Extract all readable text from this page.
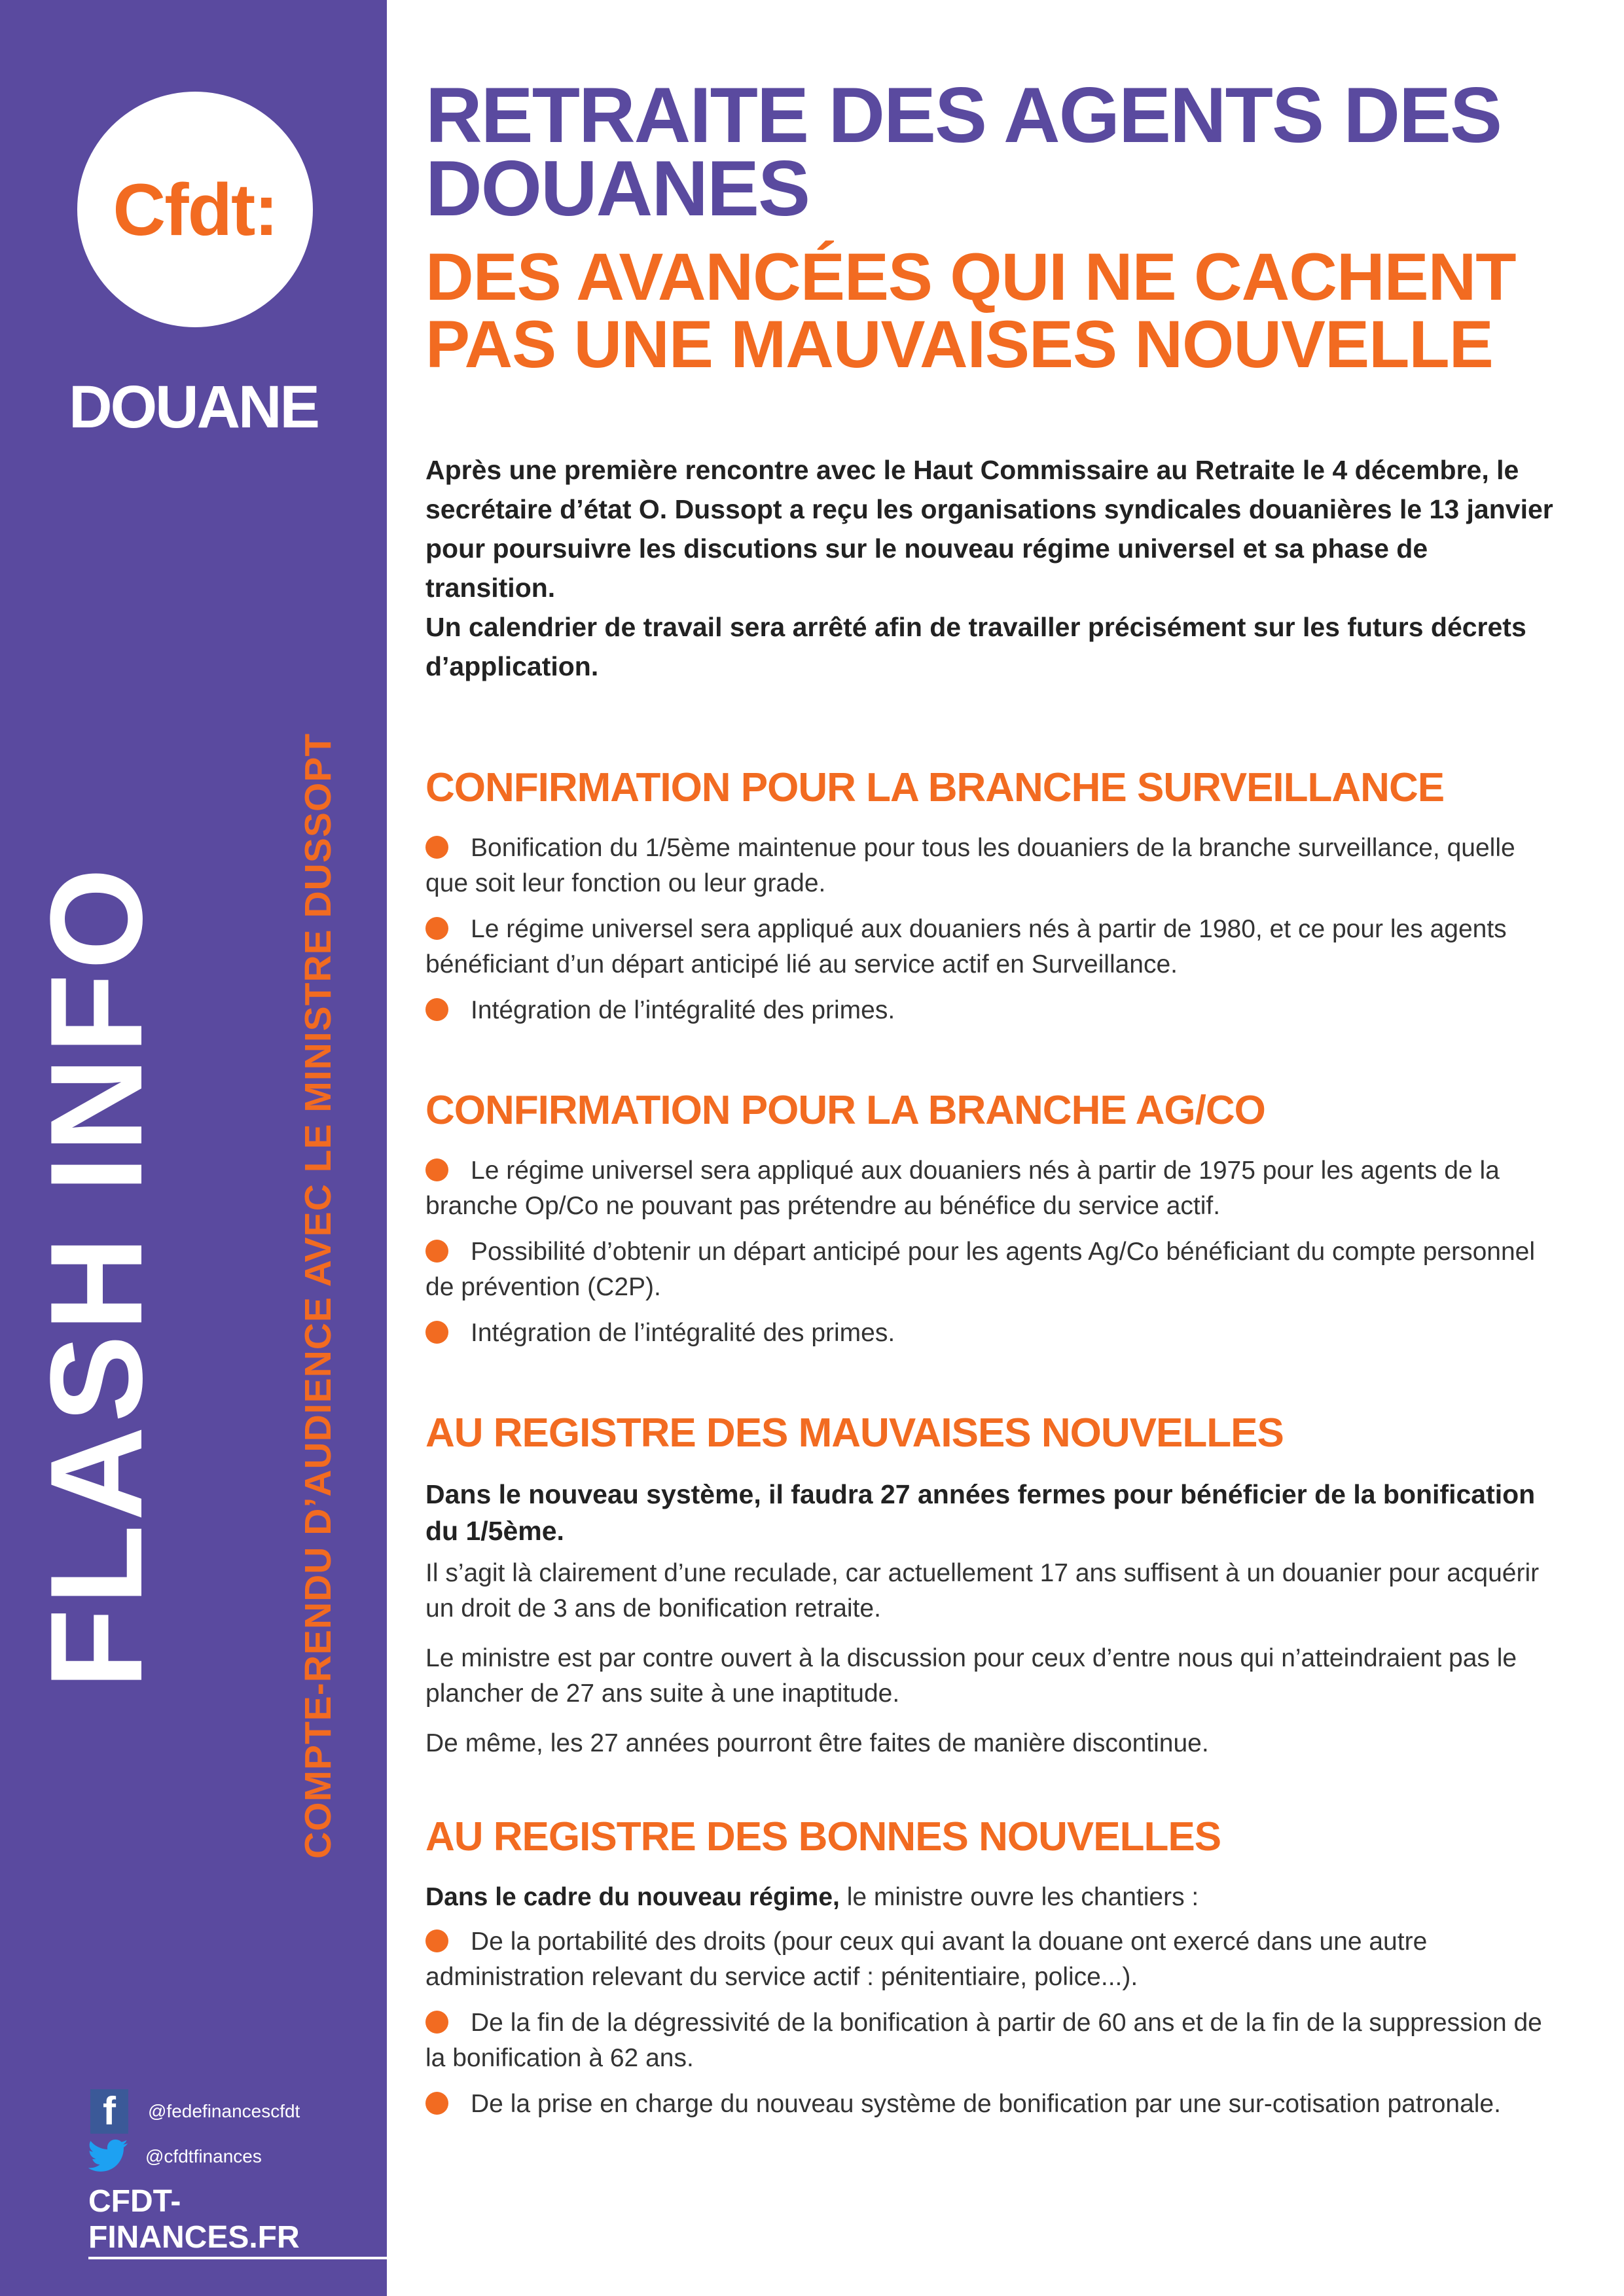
Cfdt:
DOUANE
FLASH INFO	COMPTE-RENDU D’AUDIENCE AVEC LE MINISTRE DUSSOPT
f	@fedefinancescfdt
@cfdtfinances
CFDT-FINANCES.FR
RETRAITE DES AGENTS DES DOUANES
DES AVANCÉES QUI NE CACHENT PAS UNE MAUVAISES NOUVELLE

Après une première rencontre avec le Haut Commissaire au Retraite le 4 décembre, le secrétaire d’état O. Dussopt a reçu les organisations syndicales douanières le 13 janvier pour poursuivre les discutions sur le nouveau régime universel et sa phase de transition.

Un calendrier de travail sera arrêté afin de travailler précisément sur les futurs décrets d’application.

CONFIRMATION POUR LA BRANCHE SURVEILLANCE
Bonification du 1/5ème maintenue pour tous les douaniers de la branche surveillance, quelle que soit leur fonction ou leur grade.
Le régime universel sera appliqué aux douaniers nés à partir de 1980, et ce pour les agents bénéficiant d’un départ anticipé lié au service actif en Surveillance.
Intégration de l’intégralité des primes.
CONFIRMATION POUR LA BRANCHE AG/CO
Le régime universel sera appliqué aux douaniers nés à partir de 1975 pour les agents de la branche Op/Co ne pouvant pas prétendre au bénéfice du service actif.
Possibilité d’obtenir un départ anticipé pour les agents Ag/Co bénéficiant du compte personnel de prévention (C2P).
Intégration de l’intégralité des primes.
AU REGISTRE DES MAUVAISES NOUVELLES

Dans le nouveau système, il faudra 27 années fermes pour bénéficier de la bonification du 1/5ème.

Il s’agit là clairement d’une reculade, car actuellement 17 ans suffisent à un douanier pour acquérir un droit de 3 ans de bonification retraite.

Le ministre est par contre ouvert à la discussion pour ceux d’entre nous qui n’atteindraient pas le plancher de 27 ans suite à une inaptitude.

De même, les 27 années pourront être faites de manière discontinue.

AU REGISTRE DES BONNES NOUVELLES

Dans le cadre du nouveau régime, le ministre ouvre les chantiers :

De la portabilité des droits (pour ceux qui avant la douane ont exercé dans une autre administration relevant du service actif : pénitentiaire, police...).
De la fin de la dégressivité de la bonification à partir de 60 ans et de la fin de la suppression de la bonification à 62 ans.
De la prise en charge du nouveau système de bonification par une sur-cotisation patronale.
